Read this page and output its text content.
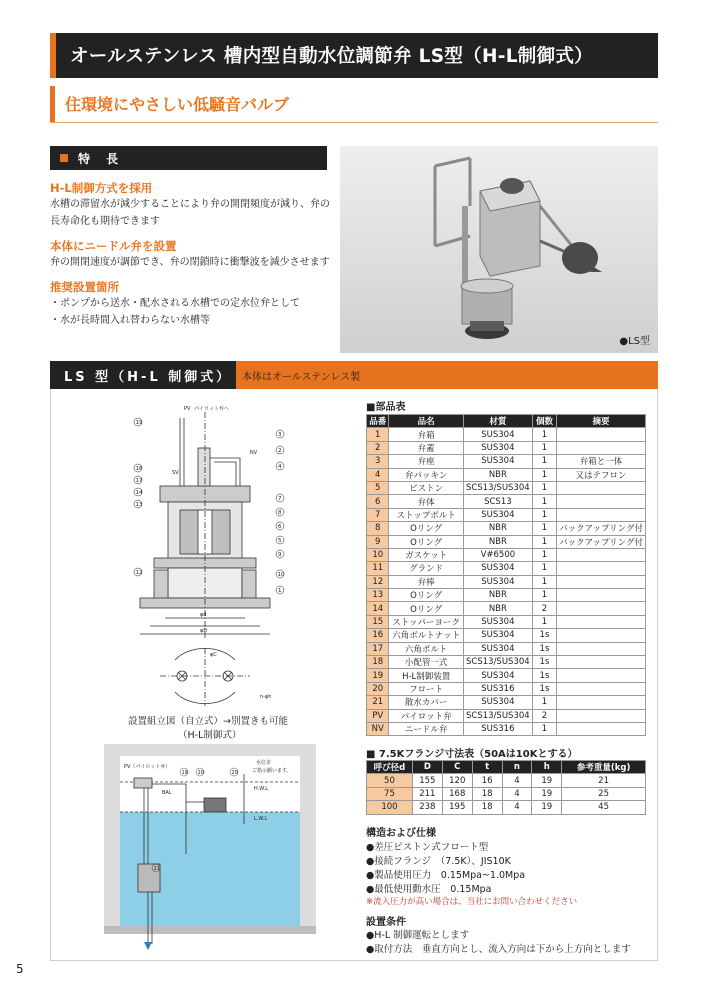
オールステンレス 槽内型自動水位調節弁 LS型（H-L制御式）
住環境にやさしい低騒音バルブ
特 長
H-L制御方式を採用
水槽の滞留水が減少することにより弁の開閉頻度が減り、弁の
長寿命化も期待できます
本体にニードル弁を設置
弁の開閉速度が調節でき、弁の閉鎖時に衝撃波を減少させます
推奨設置箇所
・ポンプから送水・配水される水槽での定水位弁として
・水が長時間入れ替わらない水槽等
●LS型
LS 型（H-L 制御式） 本体はオールステンレス製
19
16
17
14
13
12
3
2
4
7
8
6
5
9
10
1
PV パイロット弁へ
SV
NV
φd
φD
φC
n-φh
設置組立図（自立式）→別置きも可能
（H-L制御式）
19 20	20
21
PV（パイロット弁）
水位差
ご指示願います。
H.W.L
L.W.L
BAL
■部品表
品番	品名	材質	個数	摘要
1	弁箱	SUS304	1	
2	弁蓋	SUS304	1	
3	弁座	SUS304	1	弁箱と一体
4	弁パッキン	NBR	1	又はテフロン
5	ピストン	SCS13/SUS304	1	
6	弁体	SCS13	1	
7	ストップボルト	SUS304	1	
8	Oリング	NBR	1	バックアップリング付
9	Oリング	NBR	1	バックアップリング付
10	ガスケット	V#6500	1	
11	グランド	SUS304	1	
12	弁棒	SUS304	1	
13	Oリング	NBR	1	
14	Oリング	NBR	2	
15	ストッパーヨーク	SUS304	1	
16	六角ボルトナット	SUS304	1s	
17	六角ボルト	SUS304	1s	
18	小配管一式	SCS13/SUS304	1s	
19	H-L制御装置	SUS304	1s	
20	フロート	SUS316	1s	
21	散水カバー	SUS304	1	
PV	パイロット弁	SCS13/SUS304	2	
NV	ニードル弁	SUS316	1	
■ 7.5Kフランジ寸法表（50Aは10Kとする）
呼び径d	D	C	t	n	h	参考重量(kg)
50	155	120	16	4	19	21
75	211	168	18	4	19	25
100	238	195	18	4	19	45
構造および仕様
●差圧ピストン式フロート型
●接続フランジ　（7.5K）、JIS10K
●製品使用圧力　0.15Mpa~1.0Mpa
●最低使用動水圧　0.15Mpa
※流入圧力が高い場合は、当社にお問い合わせください
設置条件
●H-L 制御運転とします
●取付方法　垂直方向とし、流入方向は下から上方向とします
5
